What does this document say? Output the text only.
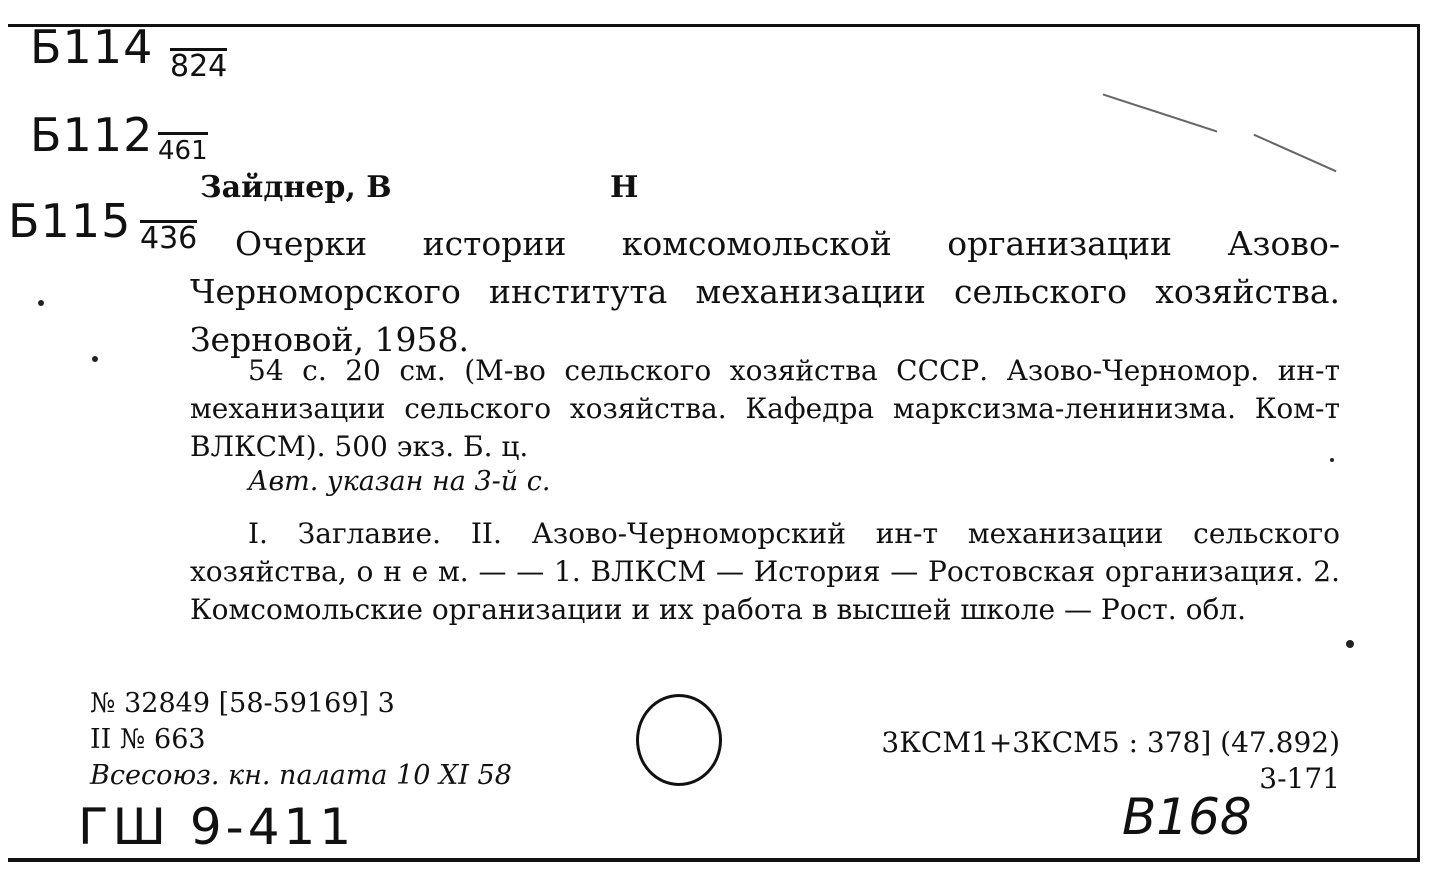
Б114 824
Б112 461
Б115 436
Зайднер, В	Н
Очерки истории комсомольской организации Азово-Черноморского института механизации сельского хозяйства. Зерновой, 1958.
54 с. 20 см. (М-во сельского хозяйства СССР. Азово-Черномор. ин-т механизации сельского хозяйства. Кафедра марксизма-ленинизма. Ком-т ВЛКСМ). 500 экз. Б. ц.
Авт. указан на 3-й с.
I. Заглавие. II. Азово-Черноморский ин-т механизации сельского хозяйства, о н е м. — — 1. ВЛКСМ — История — Ростовская организация. 2. Комсомольские организации и их работа в высшей школе — Рост. обл.
№ 32849 [58-59169] 3
II № 663
Всесоюз. кн. палата 10 XI 58
3КСМ1+3КСМ5 : 378] (47.892)
3-171
ГШ 9-411	В168
